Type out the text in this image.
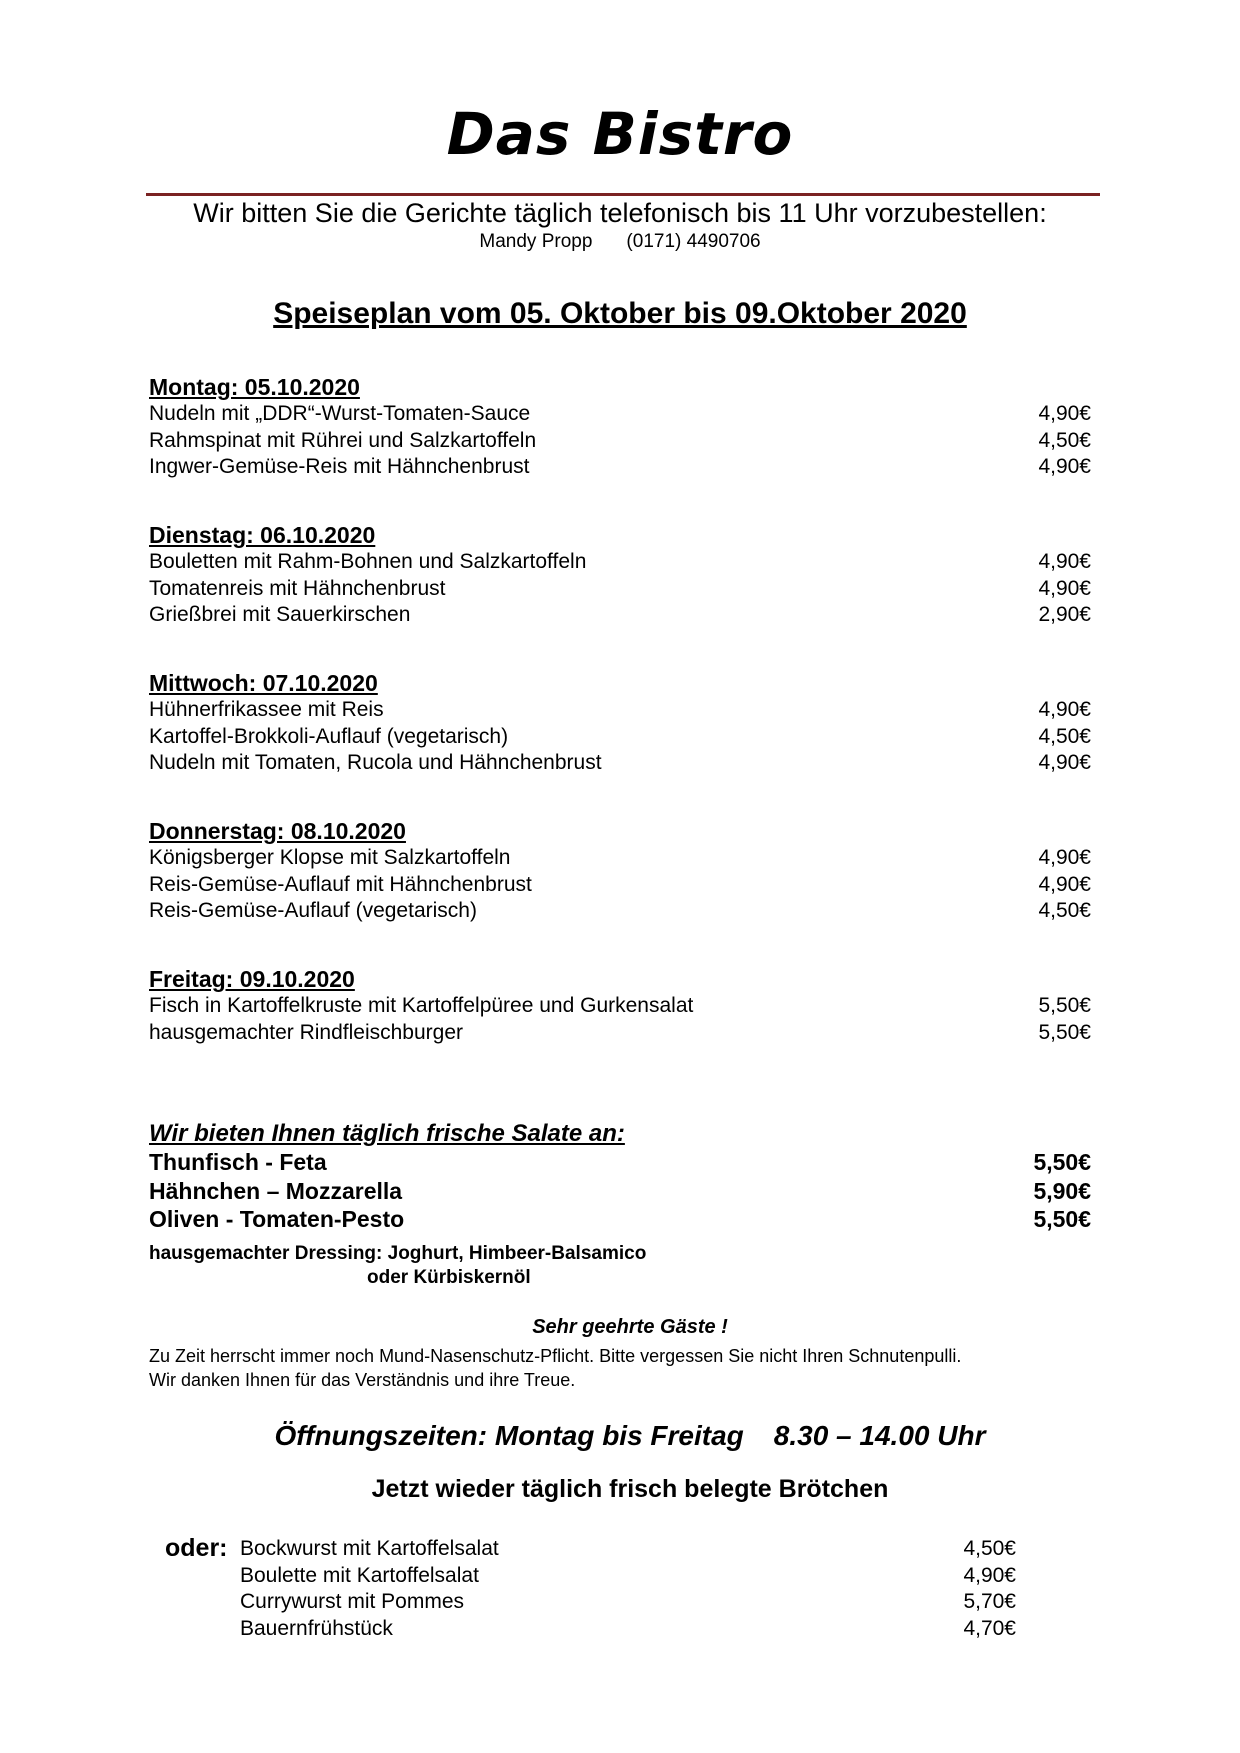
Das Bistro
Wir bitten Sie die Gerichte täglich telefonisch bis 11 Uhr vorzubestellen:
Mandy Propp (0171) 4490706
Speiseplan vom 05. Oktober bis 09.Oktober 2020
Montag: 05.10.2020
Nudeln mit „DDR“-Wurst-Tomaten-Sauce	4,90€
Rahmspinat mit Rührei und Salzkartoffeln	4,50€
Ingwer-Gemüse-Reis mit Hähnchenbrust	4,90€
Dienstag: 06.10.2020
Bouletten mit Rahm-Bohnen und Salzkartoffeln	4,90€
Tomatenreis mit Hähnchenbrust	4,90€
Grießbrei mit Sauerkirschen	2,90€
Mittwoch: 07.10.2020
Hühnerfrikassee mit Reis	4,90€
Kartoffel-Brokkoli-Auflauf (vegetarisch)	4,50€
Nudeln mit Tomaten, Rucola und Hähnchenbrust	4,90€
Donnerstag: 08.10.2020
Königsberger Klopse mit Salzkartoffeln	4,90€
Reis-Gemüse-Auflauf mit Hähnchenbrust	4,90€
Reis-Gemüse-Auflauf (vegetarisch)	4,50€
Freitag: 09.10.2020
Fisch in Kartoffelkruste mit Kartoffelpüree und Gurkensalat	5,50€
hausgemachter Rindfleischburger	5,50€
Wir bieten Ihnen täglich frische Salate an:
Thunfisch - Feta	5,50€
Hähnchen – Mozzarella	5,90€
Oliven - Tomaten-Pesto	5,50€
hausgemachter Dressing: Joghurt, Himbeer-Balsamico
oder Kürbiskernöl
Sehr geehrte Gäste !
Zu Zeit herrscht immer noch Mund-Nasenschutz-Pflicht. Bitte vergessen Sie nicht Ihren Schnutenpulli.
Wir danken Ihnen für das Verständnis und ihre Treue.
Öffnungszeiten: Montag bis Freitag 8.30 – 14.00 Uhr
Jetzt wieder täglich frisch belegte Brötchen
oder: Bockwurst mit Kartoffelsalat	4,50€
Boulette mit Kartoffelsalat	4,90€
Currywurst mit Pommes	5,70€
Bauernfrühstück	4,70€
